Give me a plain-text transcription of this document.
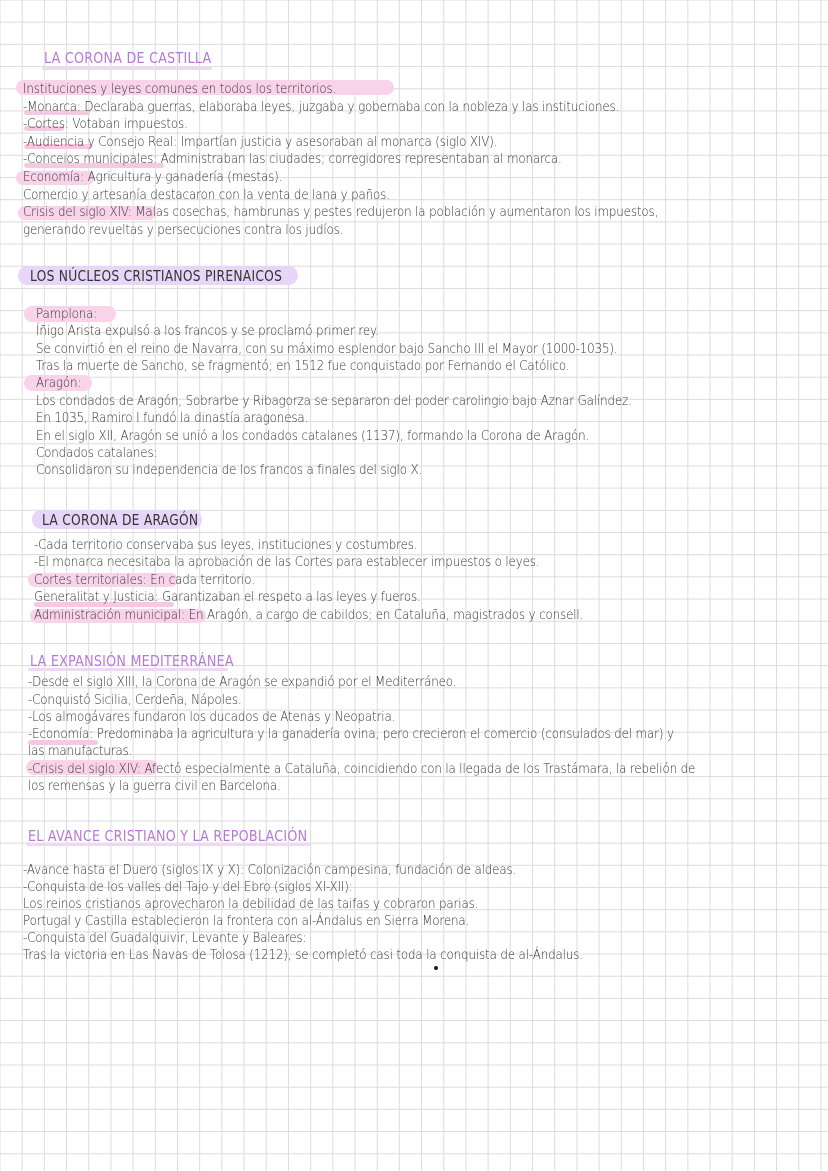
LA CORONA DE CASTILLA
Instituciones y leyes comunes en todos los territorios.
-Monarca: Declaraba guerras, elaboraba leyes, juzgaba y gobernaba con la nobleza y las instituciones.
-Cortes: Votaban impuestos.
-Audiencia y Consejo Real: Impartían justicia y asesoraban al monarca (siglo XIV).
-Conceios municipales: Administraban las ciudades; corregidores representaban al monarca.
Economía: Agricultura y ganadería (mestas).
Comercio y artesanía destacaron con la venta de lana y paños.
Crisis del siglo XIV: Malas cosechas, hambrunas y pestes redujeron la población y aumentaron los impuestos,
generando revueltas y persecuciones contra los judíos.
LOS NÚCLEOS CRISTIANOS PIRENAICOS
Pamplona:
Íñigo Arista expulsó a los francos y se proclamó primer rey.
Se convirtió en el reino de Navarra, con su máximo esplendor bajo Sancho III el Mayor (1000-1035).
Tras la muerte de Sancho, se fragmentó; en 1512 fue conquistado por Fernando el Católico.
Aragón:
Los condados de Aragón, Sobrarbe y Ribagorza se separaron del poder carolingio bajo Aznar Galíndez.
En 1035, Ramiro I fundó la dinastía aragonesa.
En el siglo XII, Aragón se unió a los condados catalanes (1137), formando la Corona de Aragón.
Condados catalanes:
Consolidaron su independencia de los francos a finales del siglo X.
LA CORONA DE ARAGÓN
-Cada territorio conservaba sus leyes, instituciones y costumbres.
-El monarca necesitaba la aprobación de las Cortes para establecer impuestos o leyes.
Cortes territoriales: En cada territorio.
Generalitat y Justicia: Garantizaban el respeto a las leyes y fueros.
Administración municipal: En Aragón, a cargo de cabildos; en Cataluña, magistrados y consell.
LA EXPANSIÓN MEDITERRÁNEA
-Desde el siglo XIII, la Corona de Aragón se expandió por el Mediterráneo.
-Conquistó Sicilia, Cerdeña, Nápoles.
-Los almogávares fundaron los ducados de Atenas y Neopatria.
-Economía: Predominaba la agricultura y la ganadería ovina, pero crecieron el comercio (consulados del mar) y
las manufacturas.
-Crisis del siglo XIV: Afectó especialmente a Cataluña, coincidiendo con la llegada de los Trastámara, la rebelión de
los remensas y la guerra civil en Barcelona.
EL AVANCE CRISTIANO Y LA REPOBLACIÓN
-Avance hasta el Duero (siglos IX y X): Colonización campesina, fundación de aldeas.
-Conquista de los valles del Tajo y del Ebro (siglos XI-XII):
Los reinos cristianos aprovecharon la debilidad de las taifas y cobraron parias.
Portugal y Castilla establecieron la frontera con al-Ándalus en Sierra Morena.
-Conquista del Guadalquivir, Levante y Baleares:
Tras la victoria en Las Navas de Tolosa (1212), se completó casi toda la conquista de al-Ándalus.
